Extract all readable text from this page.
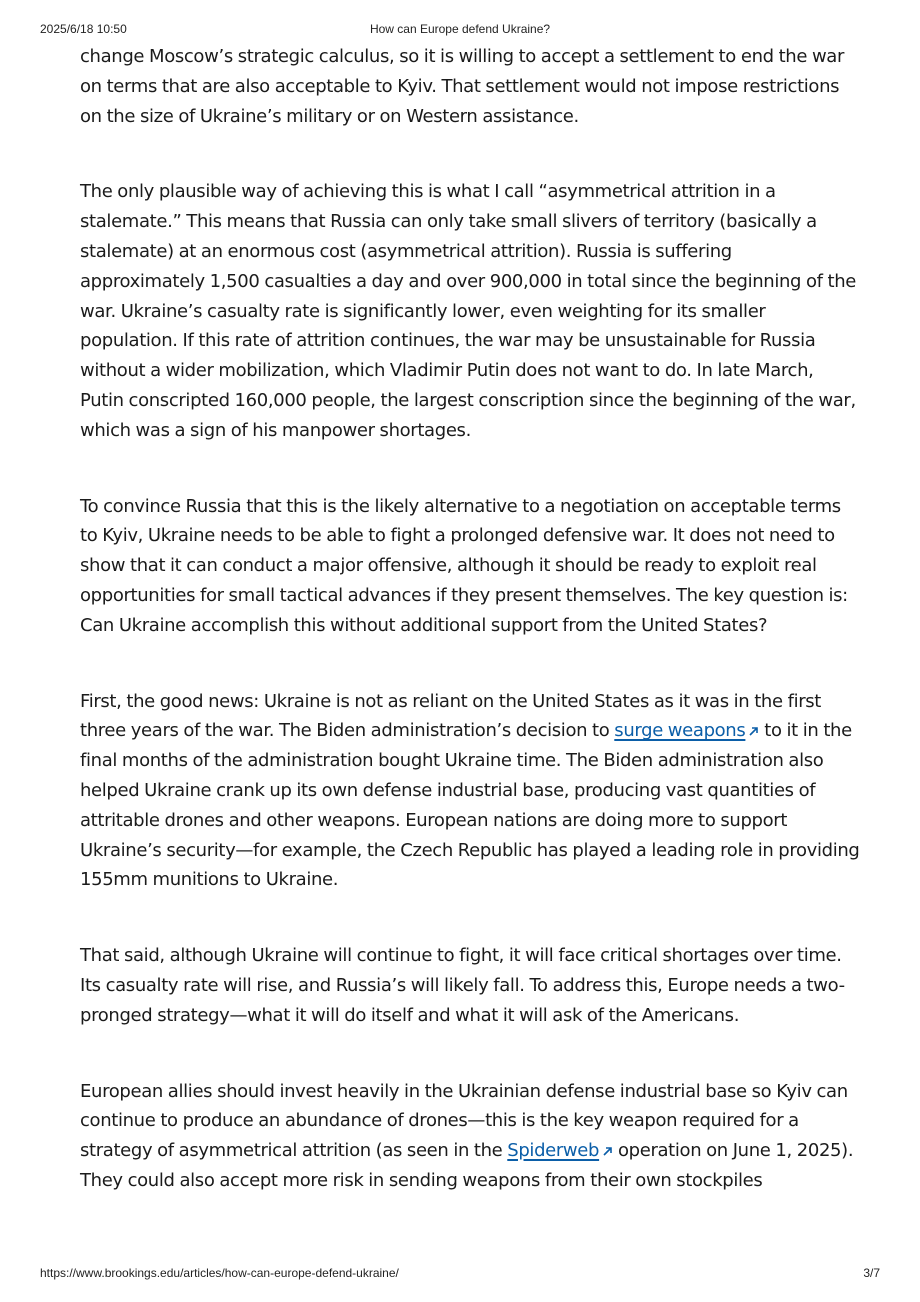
2025/6/18 10:50	How can Europe defend Ukraine?

change Moscow’s strategic calculus, so it is willing to accept a settlement to end the war on terms that are also acceptable to Kyiv. That settlement would not impose restrictions on the size of Ukraine’s military or on Western assistance.

The only plausible way of achieving this is what I call “asymmetrical attrition in a stalemate.” This means that Russia can only take small slivers of territory (basically a stalemate) at an enormous cost (asymmetrical attrition). Russia is suffering approximately 1,500 casualties a day and over 900,000 in total since the beginning of the war. Ukraine’s casualty rate is significantly lower, even weighting for its smaller population. If this rate of attrition continues, the war may be unsustainable for Russia without a wider mobilization, which Vladimir Putin does not want to do. In late March, Putin conscripted 160,000 people, the largest conscription since the beginning of the war, which was a sign of his manpower shortages.

To convince Russia that this is the likely alternative to a negotiation on acceptable terms to Kyiv, Ukraine needs to be able to fight a prolonged defensive war. It does not need to show that it can conduct a major offensive, although it should be ready to exploit real opportunities for small tactical advances if they present themselves. The key question is: Can Ukraine accomplish this without additional support from the United States?

First, the good news: Ukraine is not as reliant on the United States as it was in the first three years of the war. The Biden administration’s decision to surge weapons to it in the final months of the administration bought Ukraine time. The Biden administration also helped Ukraine crank up its own defense industrial base, producing vast quantities of attritable drones and other weapons. European nations are doing more to support Ukraine’s security—for example, the Czech Republic has played a leading role in providing 155mm munitions to Ukraine.

That said, although Ukraine will continue to fight, it will face critical shortages over time. Its casualty rate will rise, and Russia’s will likely fall. To address this, Europe needs a two-pronged strategy—what it will do itself and what it will ask of the Americans.

European allies should invest heavily in the Ukrainian defense industrial base so Kyiv can continue to produce an abundance of drones—this is the key weapon required for a strategy of asymmetrical attrition (as seen in the Spiderweb operation on June 1, 2025). They could also accept more risk in sending weapons from their own stockpiles

https://www.brookings.edu/articles/how-can-europe-defend-ukraine/	3/7
